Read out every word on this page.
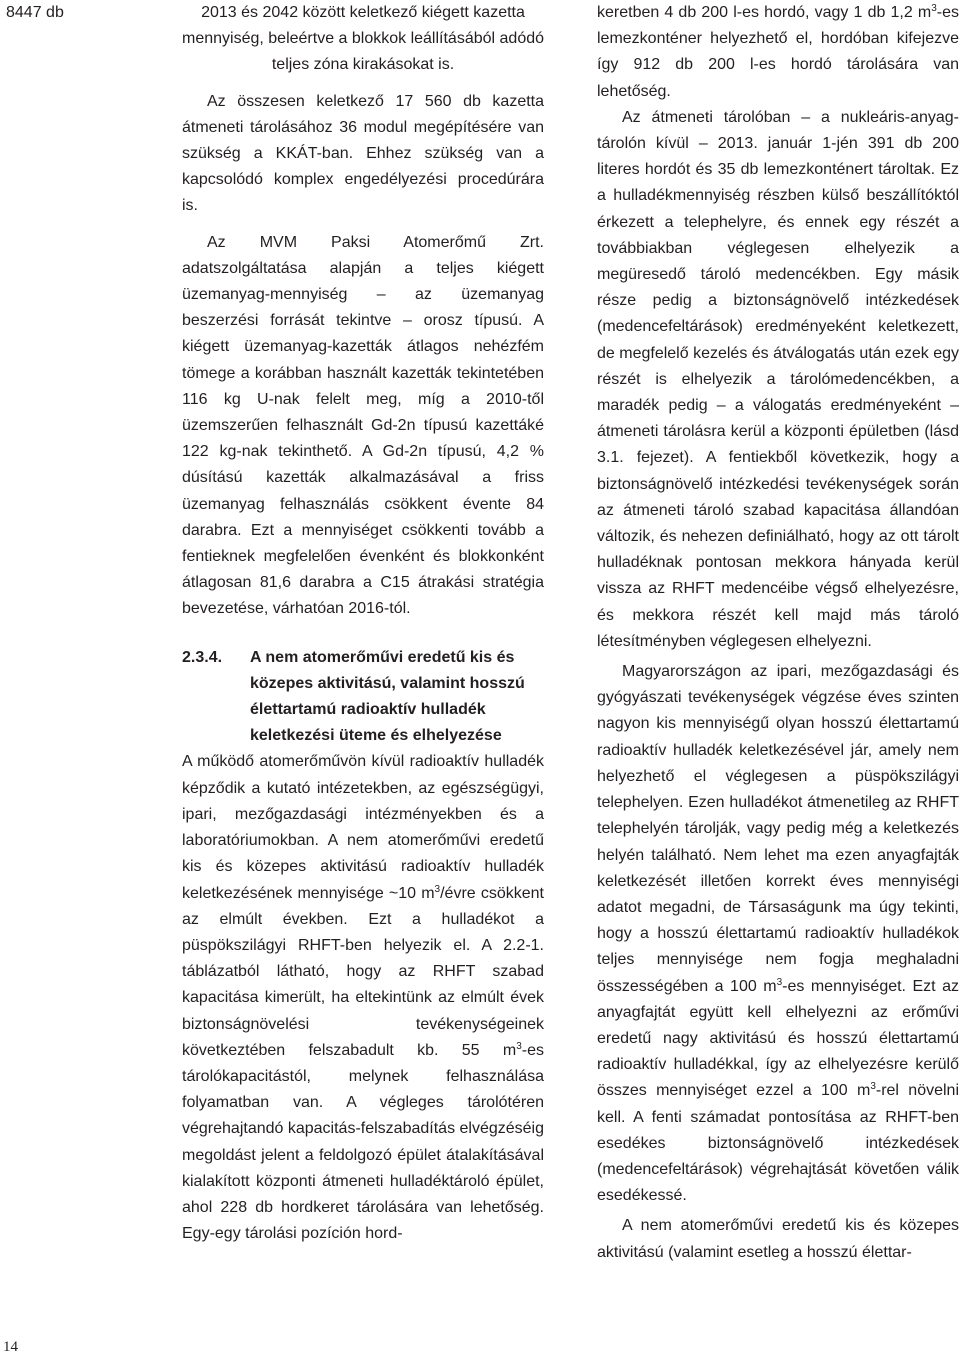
8447 db	2013 és 2042 között keletkező kiégett kazetta mennyiség, beleértve a blokkok leállításából adódó teljes zóna kirakásokat is.

Az összesen keletkező 17 560 db kazetta átmeneti tárolásához 36 modul megépítésére van szükség a KKÁT-ban. Ehhez szükség van a kapcsolódó komplex engedélyezési procedúrára is.

Az MVM Paksi Atomerőmű Zrt. adatszolgáltatása alapján a teljes kiégett üzemanyag-mennyiség – az üzemanyag beszerzési forrását tekintve – orosz típusú. A kiégett üzemanyag-kazetták átlagos nehézfém tömege a korábban használt kazetták tekintetében 116 kg U-nak felelt meg, míg a 2010-től üzemszerűen felhasznált Gd-2n típusú kazettáké 122 kg-nak tekinthető. A Gd-2n típusú, 4,2 % dúsítású kazetták alkalmazásával a friss üzemanyag felhasználás csökkent évente 84 darabra. Ezt a mennyiséget csökkenti tovább a fentieknek megfelelően évenként és blokkonként átlagosan 81,6 darabra a C15 átrakási stratégia bevezetése, várhatóan 2016-tól.

2.3.4. A nem atomerőművi eredetű kis és közepes aktivitású, valamint hosszú élettartamú radioaktív hulladék keletkezési üteme és elhelyezése

A működő atomerőművön kívül radioaktív hulladék képződik a kutató intézetekben, az egészségügyi, ipari, mezőgazdasági intézményekben és a laboratóriumokban. A nem atomerőművi eredetű kis és közepes aktivitású radioaktív hulladék keletkezésének mennyisége ~10 $m^3$/évre csökkent az elmúlt években. Ezt a hulladékot a püspökszilágyi RHFT-ben helyezik el. A 2.2-1. táblázatból látható, hogy az RHFT szabad kapacitása kimerült, ha eltekintünk az elmúlt évek biztonságnövelési tevékenységeinek következtében felszabadult kb. 55 $m^3-es$ tárolókapacitástól, melynek felhasználása folyamatban van. A végleges tárolótéren végrehajtandó kapacitás-felszabadítás elvégzéséig megoldást jelent a feldolgozó épület átalakításával kialakított központi átmeneti hulladéktároló épület, ahol 228 db hordkeret tárolására van lehetőség. Egy-egy tárolási pozíción hord-

keretben 4 db 200 l-es hordó, vagy 1 db 1,2 $m^3-es$ lemezkonténer helyezhető el, hordóban kifejezve így 912 db 200 l-es hordó tárolására van lehetőség.

Az átmeneti tárolóban – a nukleáris-anyag-tárolón kívül – 2013. január 1-jén 391 db 200 literes hordót és 35 db lemezkonténert tároltak. Ez a hulladékmennyiség részben külső beszállítóktól érkezett a telephelyre, és ennek egy részét a továbbiakban véglegesen elhelyezik a megüresedő tároló medencékben. Egy másik része pedig a biztonságnövelő intézkedések (medencefeltárások) eredményeként keletkezett, de megfelelő kezelés és átválogatás után ezek egy részét is elhelyezik a tárolómedencékben, a maradék pedig – a válogatás eredményeként – átmeneti tárolásra kerül a központi épületben (lásd 3.1. fejezet). A fentiekből következik, hogy a biztonságnövelő intézkedési tevékenységek során az átmeneti tároló szabad kapacitása állandóan változik, és nehezen definiálható, hogy az ott tárolt hulladéknak pontosan mekkora hányada kerül vissza az RHFT medencéibe végső elhelyezésre, és mekkora részét kell majd más tároló létesítményben véglegesen elhelyezni.

Magyarországon az ipari, mezőgazdasági és gyógyászati tevékenységek végzése éves szinten nagyon kis mennyiségű olyan hosszú élettartamú radioaktív hulladék keletkezésével jár, amely nem helyezhető el véglegesen a püspökszilágyi telephelyen. Ezen hulladékot átmenetileg az RHFT telephelyén tárolják, vagy pedig még a keletkezés helyén található. Nem lehet ma ezen anyagfajták keletkezését illetően korrekt éves mennyiségi adatot megadni, de Társaságunk ma úgy tekinti, hogy a hosszú élettartamú radioaktív hulladékok teljes mennyisége nem fogja meghaladni összességében a 100 $m^3-es$ mennyiséget. Ezt az anyagfajtát együtt kell elhelyezni az erőművi eredetű nagy aktivitású és hosszú élettartamú radioaktív hulladékkal, így az elhelyezésre kerülő összes mennyiséget ezzel a 100 $m^3$-rel növelni kell. A fenti számadat pontosítása az RHFT-ben esedékes biztonságnövelő intézkedések (medencefeltárások) végrehajtását követően válik esedékessé.

A nem atomerőművi eredetű kis és közepes aktivitású (valamint esetleg a hosszú élettar-

14
